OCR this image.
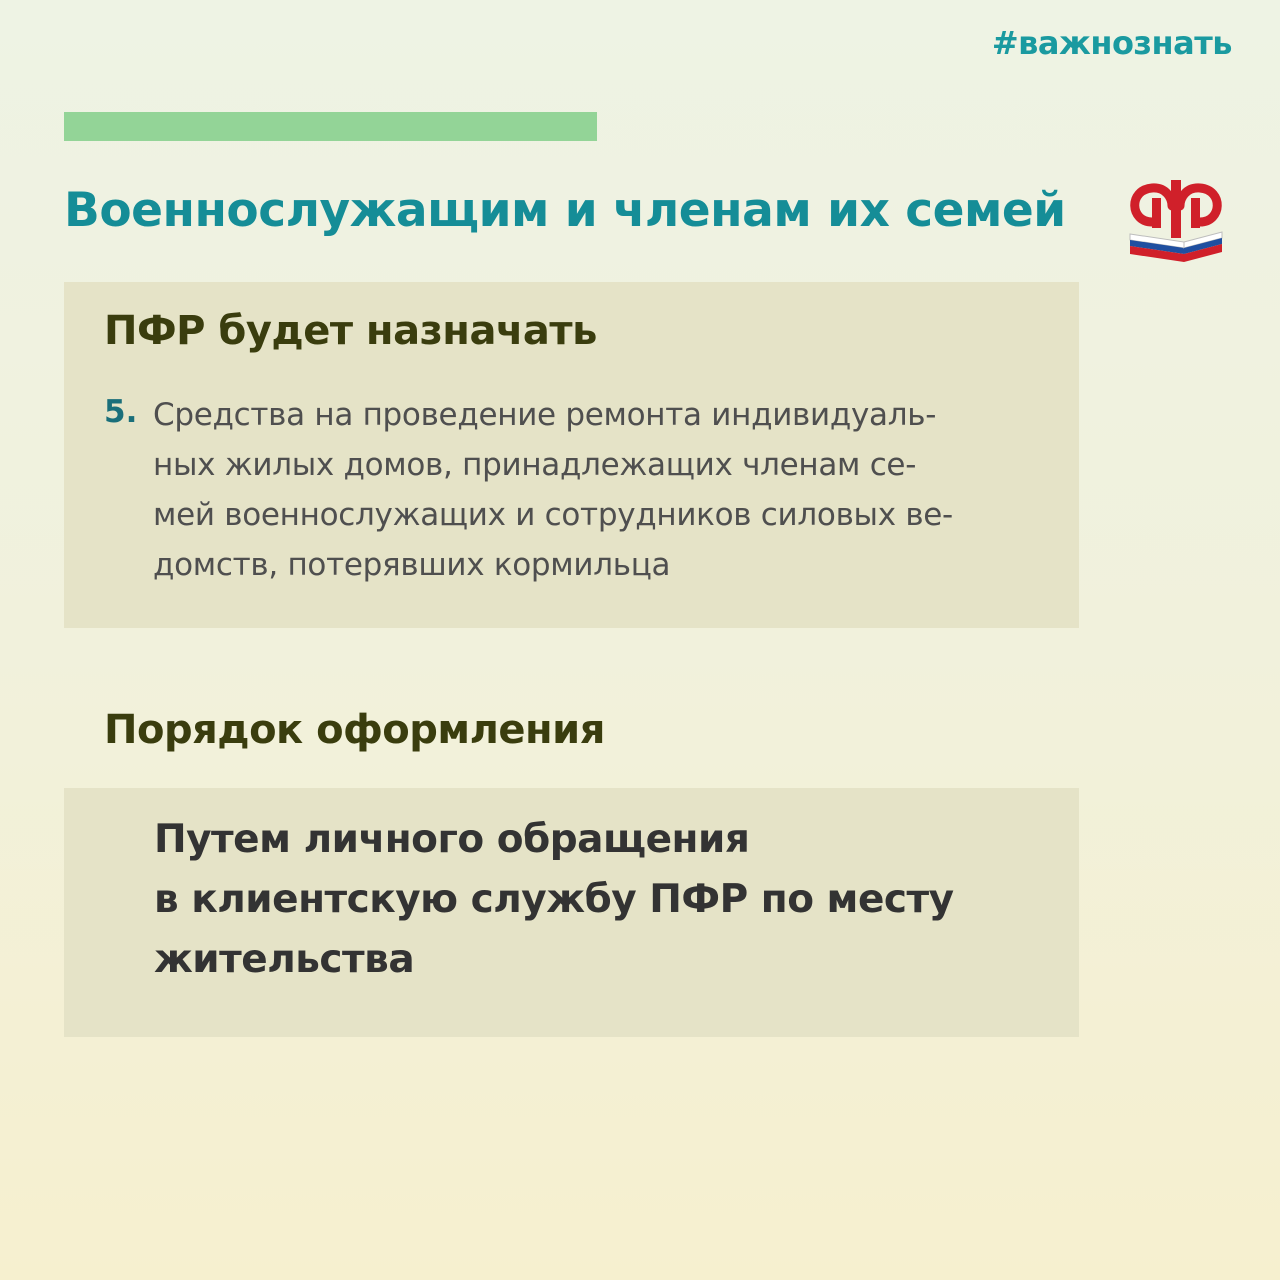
#важнознать
Военнослужащим и членам их семей
ПФР будет назначать
5. Средства на проведение ремонта индивидуаль-
ных жилых домов, принадлежащих членам се-
мей военнослужащих и сотрудников силовых ве-
домств, потерявших кормильца
Порядок оформления
Путем личного обращения
в клиентскую службу ПФР по месту
жительства
